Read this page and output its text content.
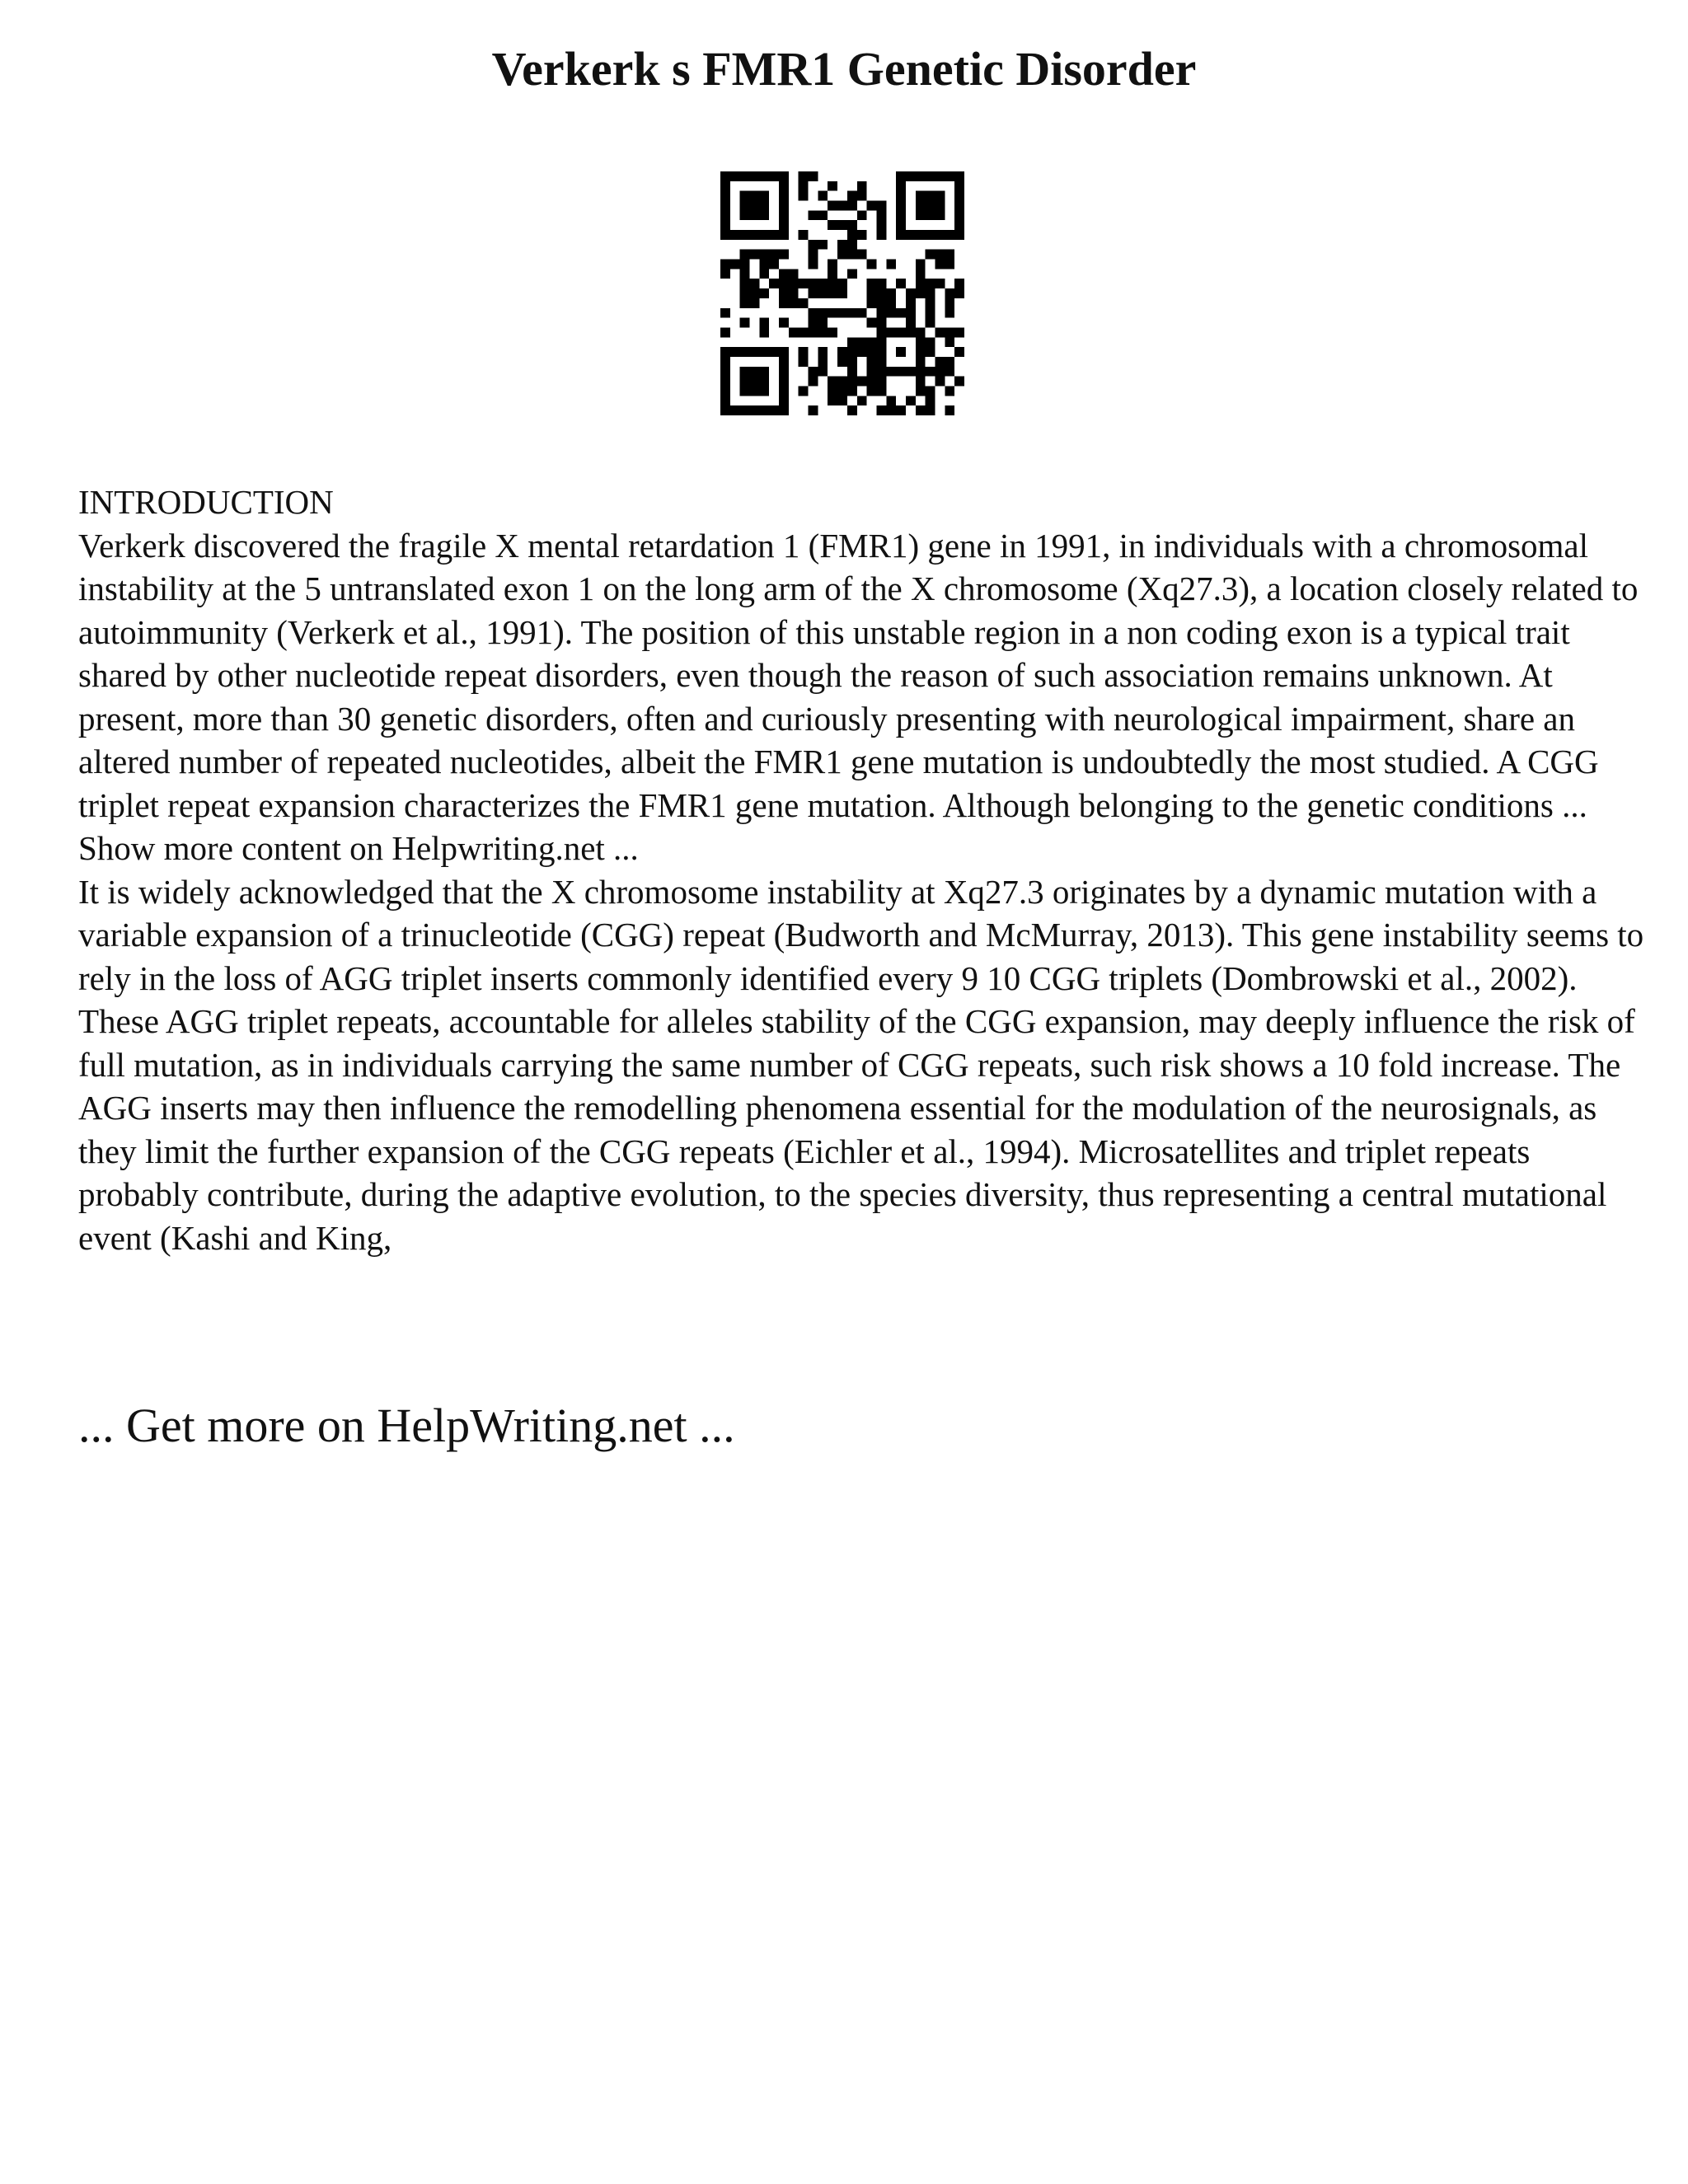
Verkerk s FMR1 Genetic Disorder

INTRODUCTION

Verkerk discovered the fragile X mental retardation 1 (FMR1) gene in 1991, in individuals with a chromosomal instability at the 5 untranslated exon 1 on the long arm of the X chromosome (Xq27.3), a location closely related to autoimmunity (Verkerk et al., 1991). The position of this unstable region in a non coding exon is a typical trait shared by other nucleotide repeat disorders, even though the reason of such association remains unknown. At present, more than 30 genetic disorders, often and curiously presenting with neurological impairment, share an altered number of repeated nucleotides, albeit the FMR1 gene mutation is undoubtedly the most studied. A CGG triplet repeat expansion characterizes the FMR1 gene mutation. Although belonging to the genetic conditions ... Show more content on Helpwriting.net ...

It is widely acknowledged that the X chromosome instability at Xq27.3 originates by a dynamic mutation with a variable expansion of a trinucleotide (CGG) repeat (Budworth and McMurray, 2013). This gene instability seems to rely in the loss of AGG triplet inserts commonly identified every 9 10 CGG triplets (Dombrowski et al., 2002). These AGG triplet repeats, accountable for alleles stability of the CGG expansion, may deeply influence the risk of full mutation, as in individuals carrying the same number of CGG repeats, such risk shows a 10 fold increase. The AGG inserts may then influence the remodelling phenomena essential for the modulation of the neurosignals, as they limit the further expansion of the CGG repeats (Eichler et al., 1994). Microsatellites and triplet repeats probably contribute, during the adaptive evolution, to the species diversity, thus representing a central mutational event (Kashi and King,

... Get more on HelpWriting.net ...
